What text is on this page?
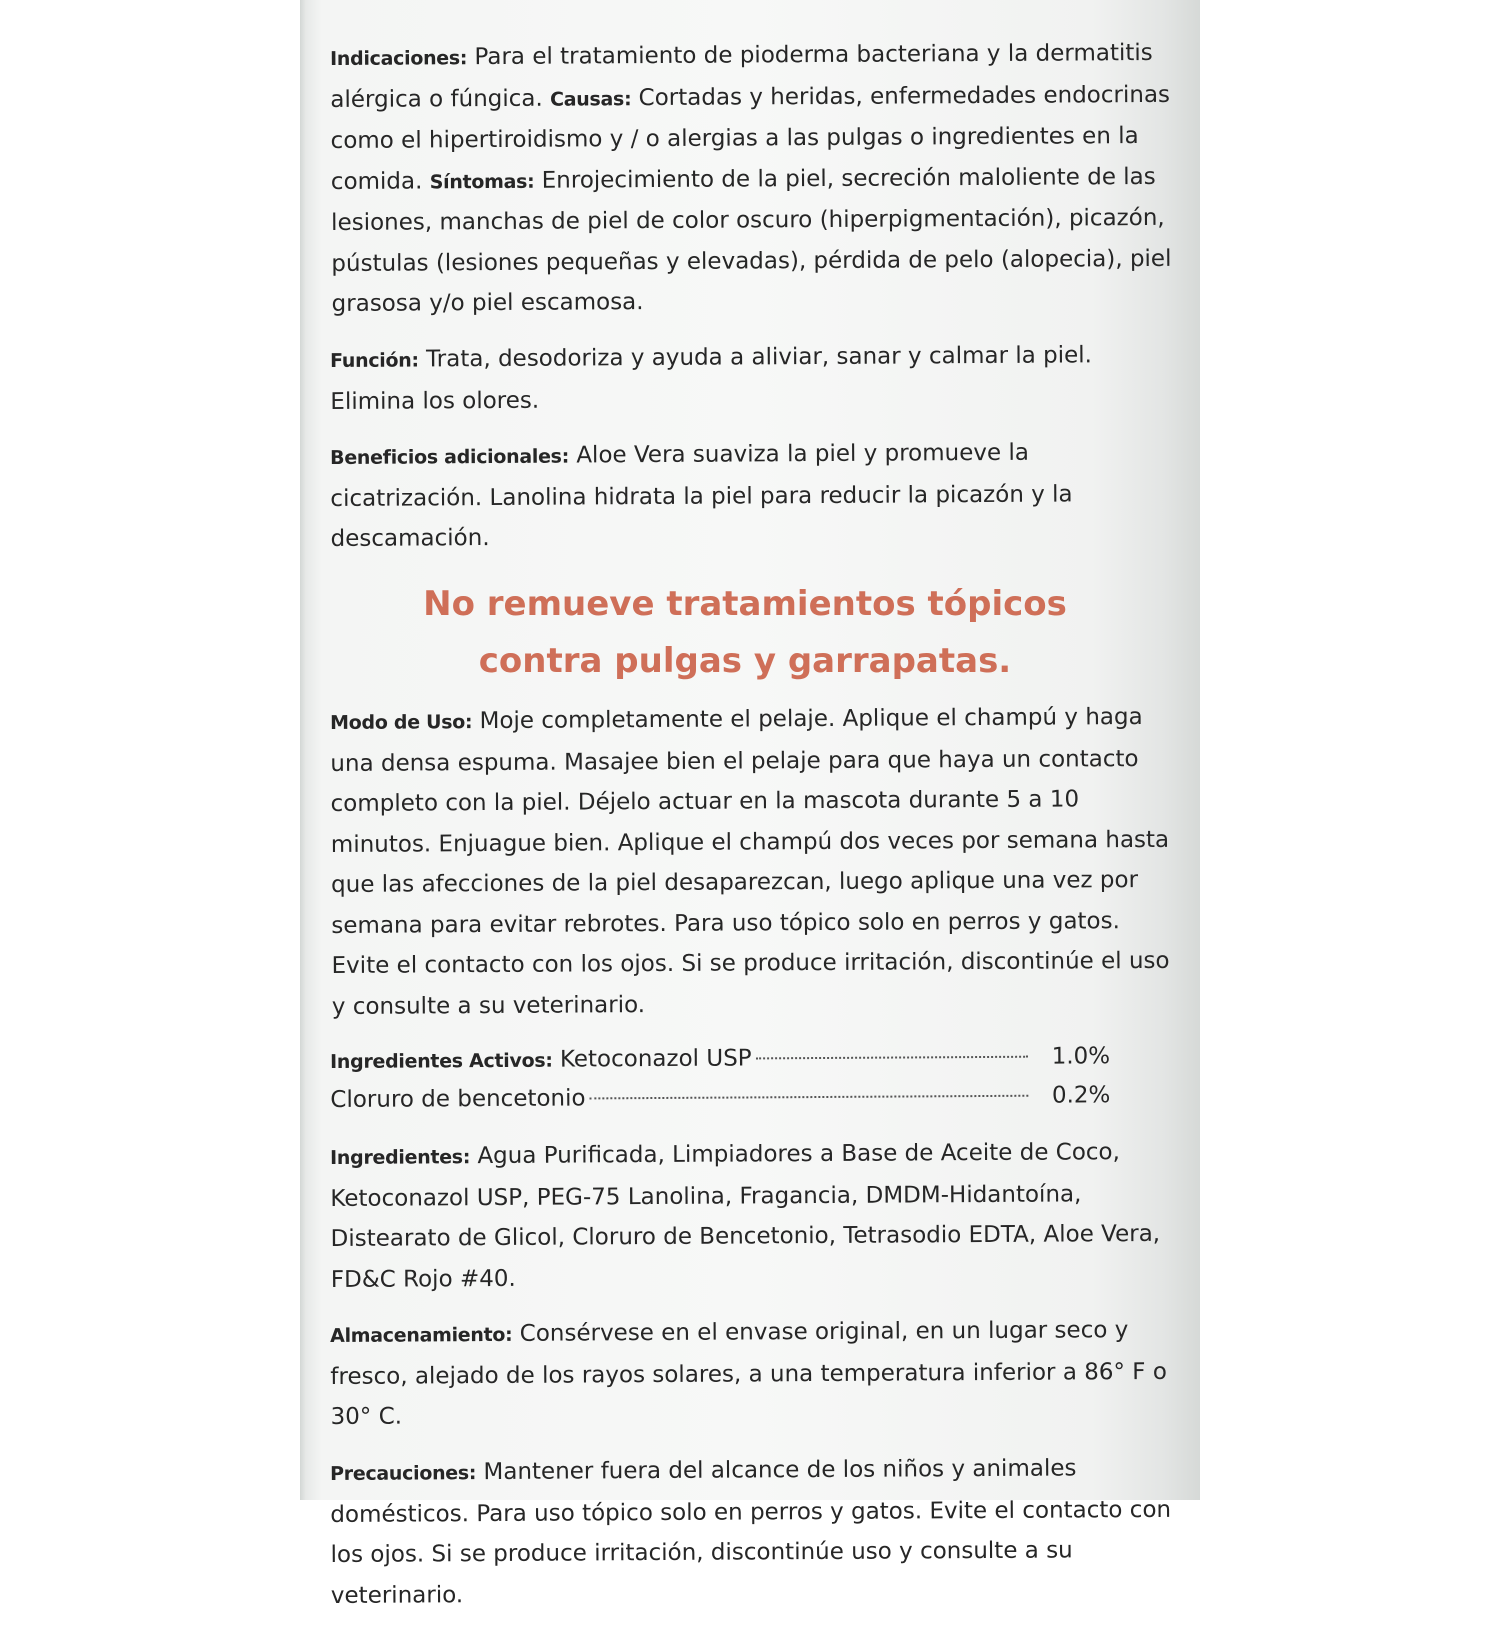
Indicaciones: Para el tratamiento de pioderma bacteriana y la dermatitis alérgica o fúngica. Causas: Cortadas y heridas, enfermedades endocrinas como el hipertiroidismo y / o alergias a las pulgas o ingredientes en la comida. Síntomas: Enrojecimiento de la piel, secreción maloliente de las lesiones, manchas de piel de color oscuro (hiperpigmentación), picazón, pústulas (lesiones pequeñas y elevadas), pérdida de pelo (alopecia), piel grasosa y/o piel escamosa.

Función: Trata, desodoriza y ayuda a aliviar, sanar y calmar la piel. Elimina los olores.

Beneficios adicionales: Aloe Vera suaviza la piel y promueve la cicatrización. Lanolina hidrata la piel para reducir la picazón y la descamación.

No remueve tratamientos tópicos
contra pulgas y garrapatas.

Modo de Uso: Moje completamente el pelaje. Aplique el champú y haga una densa espuma. Masajee bien el pelaje para que haya un contacto completo con la piel. Déjelo actuar en la mascota durante 5 a 10 minutos. Enjuague bien. Aplique el champú dos veces por semana hasta que las afecciones de la piel desaparezcan, luego aplique una vez por semana para evitar rebrotes. Para uso tópico solo en perros y gatos. Evite el contacto con los ojos. Si se produce irritación, discontinúe el uso y consulte a su veterinario.

Ingredientes Activos:
Ketoconazol USP	1.0%
Cloruro de bencetonio	0.2%

Ingredientes: Agua Purificada, Limpiadores a Base de Aceite de Coco, Ketoconazol USP, PEG-75 Lanolina, Fragancia, DMDM-Hidantoína, Distearato de Glicol, Cloruro de Bencetonio, Tetrasodio EDTA, Aloe Vera, FD&C Rojo #40.

Almacenamiento: Consérvese en el envase original, en un lugar seco y fresco, alejado de los rayos solares, a una temperatura inferior a 86° F o 30° C.

Precauciones: Mantener fuera del alcance de los niños y animales domésticos. Para uso tópico solo en perros y gatos. Evite el contacto con los ojos. Si se produce irritación, discontinúe uso y consulte a su veterinario.
